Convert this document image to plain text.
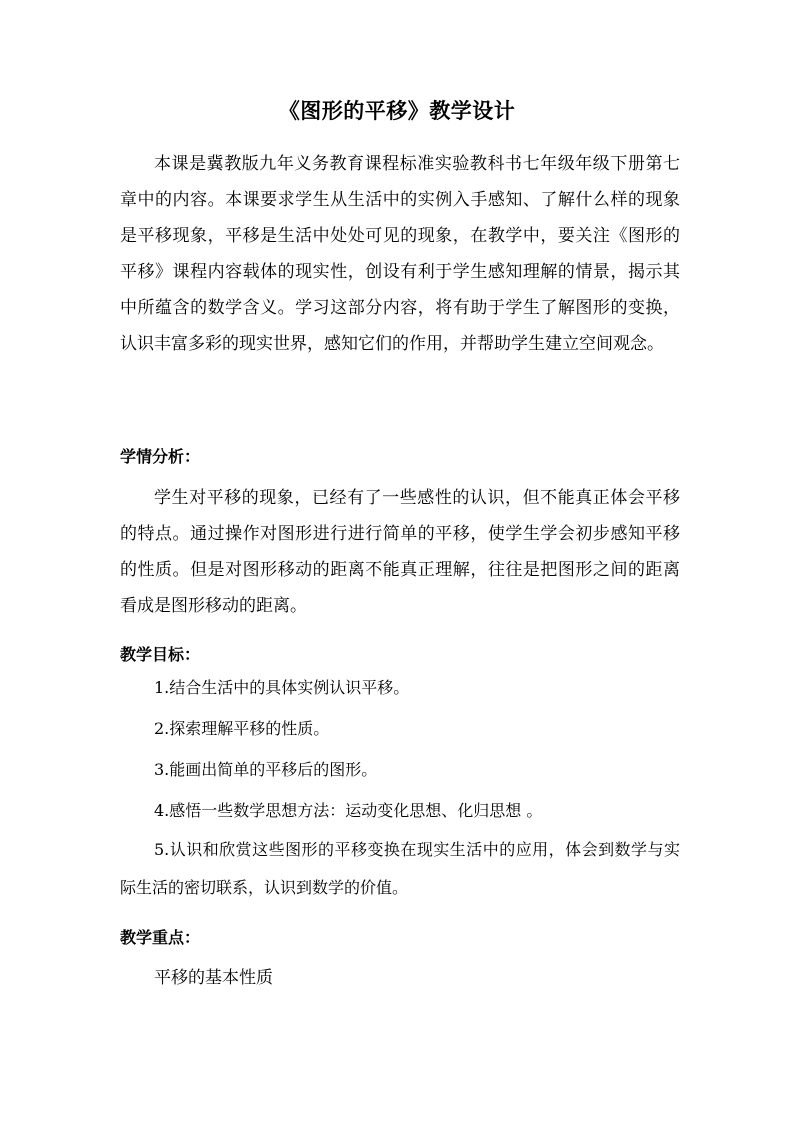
《图形的平移》教学设计

本课是冀教版九年义务教育课程标准实验教科书七年级年级下册第七章中的内容。本课要求学生从生活中的实例入手感知、了解什么样的现象是平移现象，平移是生活中处处可见的现象，在教学中，要关注《图形的平移》课程内容载体的现实性，创设有利于学生感知理解的情景，揭示其中所蕴含的数学含义。学习这部分内容，将有助于学生了解图形的变换，认识丰富多彩的现实世界，感知它们的作用，并帮助学生建立空间观念。

学情分析：

学生对平移的现象，已经有了一些感性的认识，但不能真正体会平移的特点。通过操作对图形进行进行简单的平移，使学生学会初步感知平移的性质。但是对图形移动的距离不能真正理解，往往是把图形之间的距离看成是图形移动的距离。

教学目标：
1.结合生活中的具体实例认识平移。
2.探索理解平移的性质。
3.能画出简单的平移后的图形。
4.感悟一些数学思想方法：运动变化思想、化归思想 。
5.认识和欣赏这些图形的平移变换在现实生活中的应用，体会到数学与实际生活的密切联系，认识到数学的价值。
教学重点：

平移的基本性质
